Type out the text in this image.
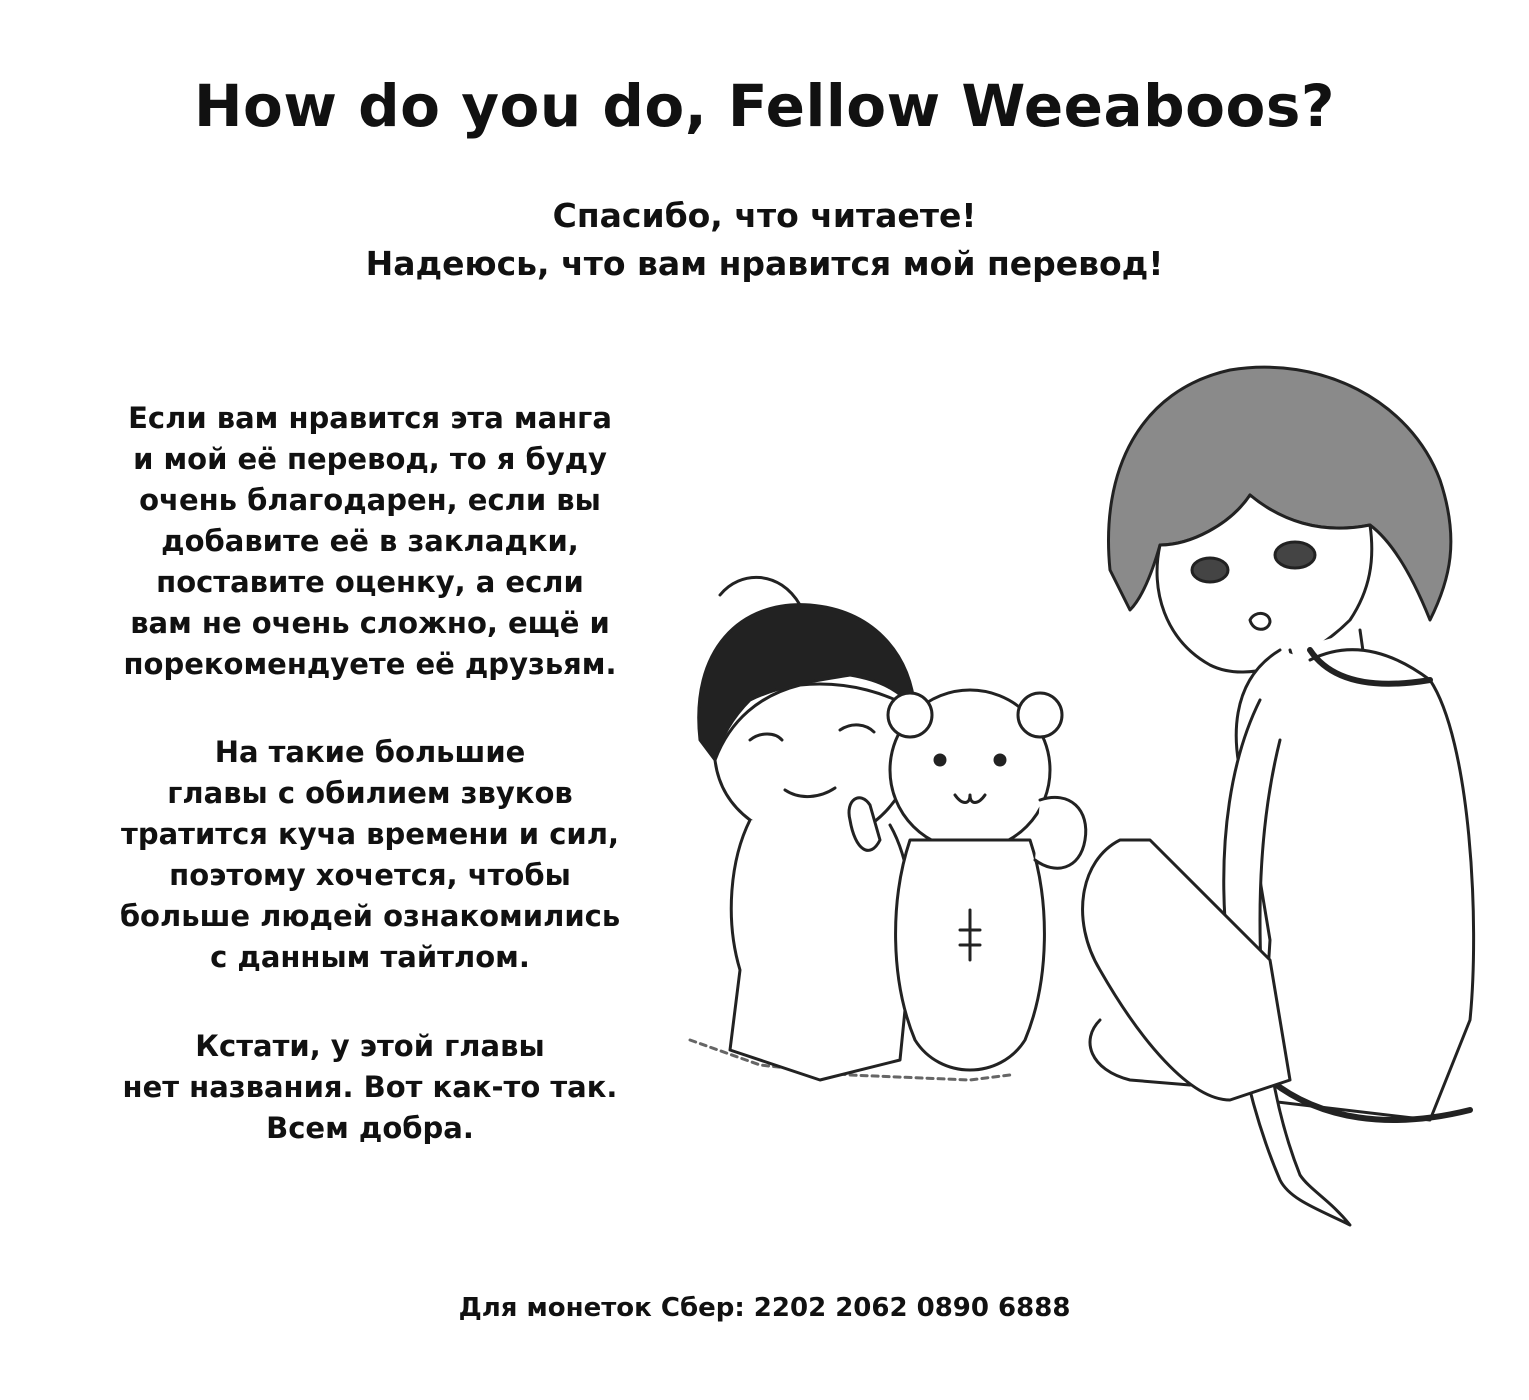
How do you do, Fellow Weeaboos?
Спасибо, что читаете!
Надеюсь, что вам нравится мой перевод!
Если вам нравится эта манга
и мой её перевод, то я буду
очень благодарен, если вы
добавите её в закладки,
поставите оценку, а если
вам не очень сложно, ещё и
порекомендуете её друзьям.
На такие большие
главы с обилием звуков
тратится куча времени и сил,
поэтому хочется, чтобы
больше людей ознакомились
с данным тайтлом.
Кстати, у этой главы
нет названия. Вот как-то так.
Всем добра.
Для монеток Сбер: 2202 2062 0890 6888
